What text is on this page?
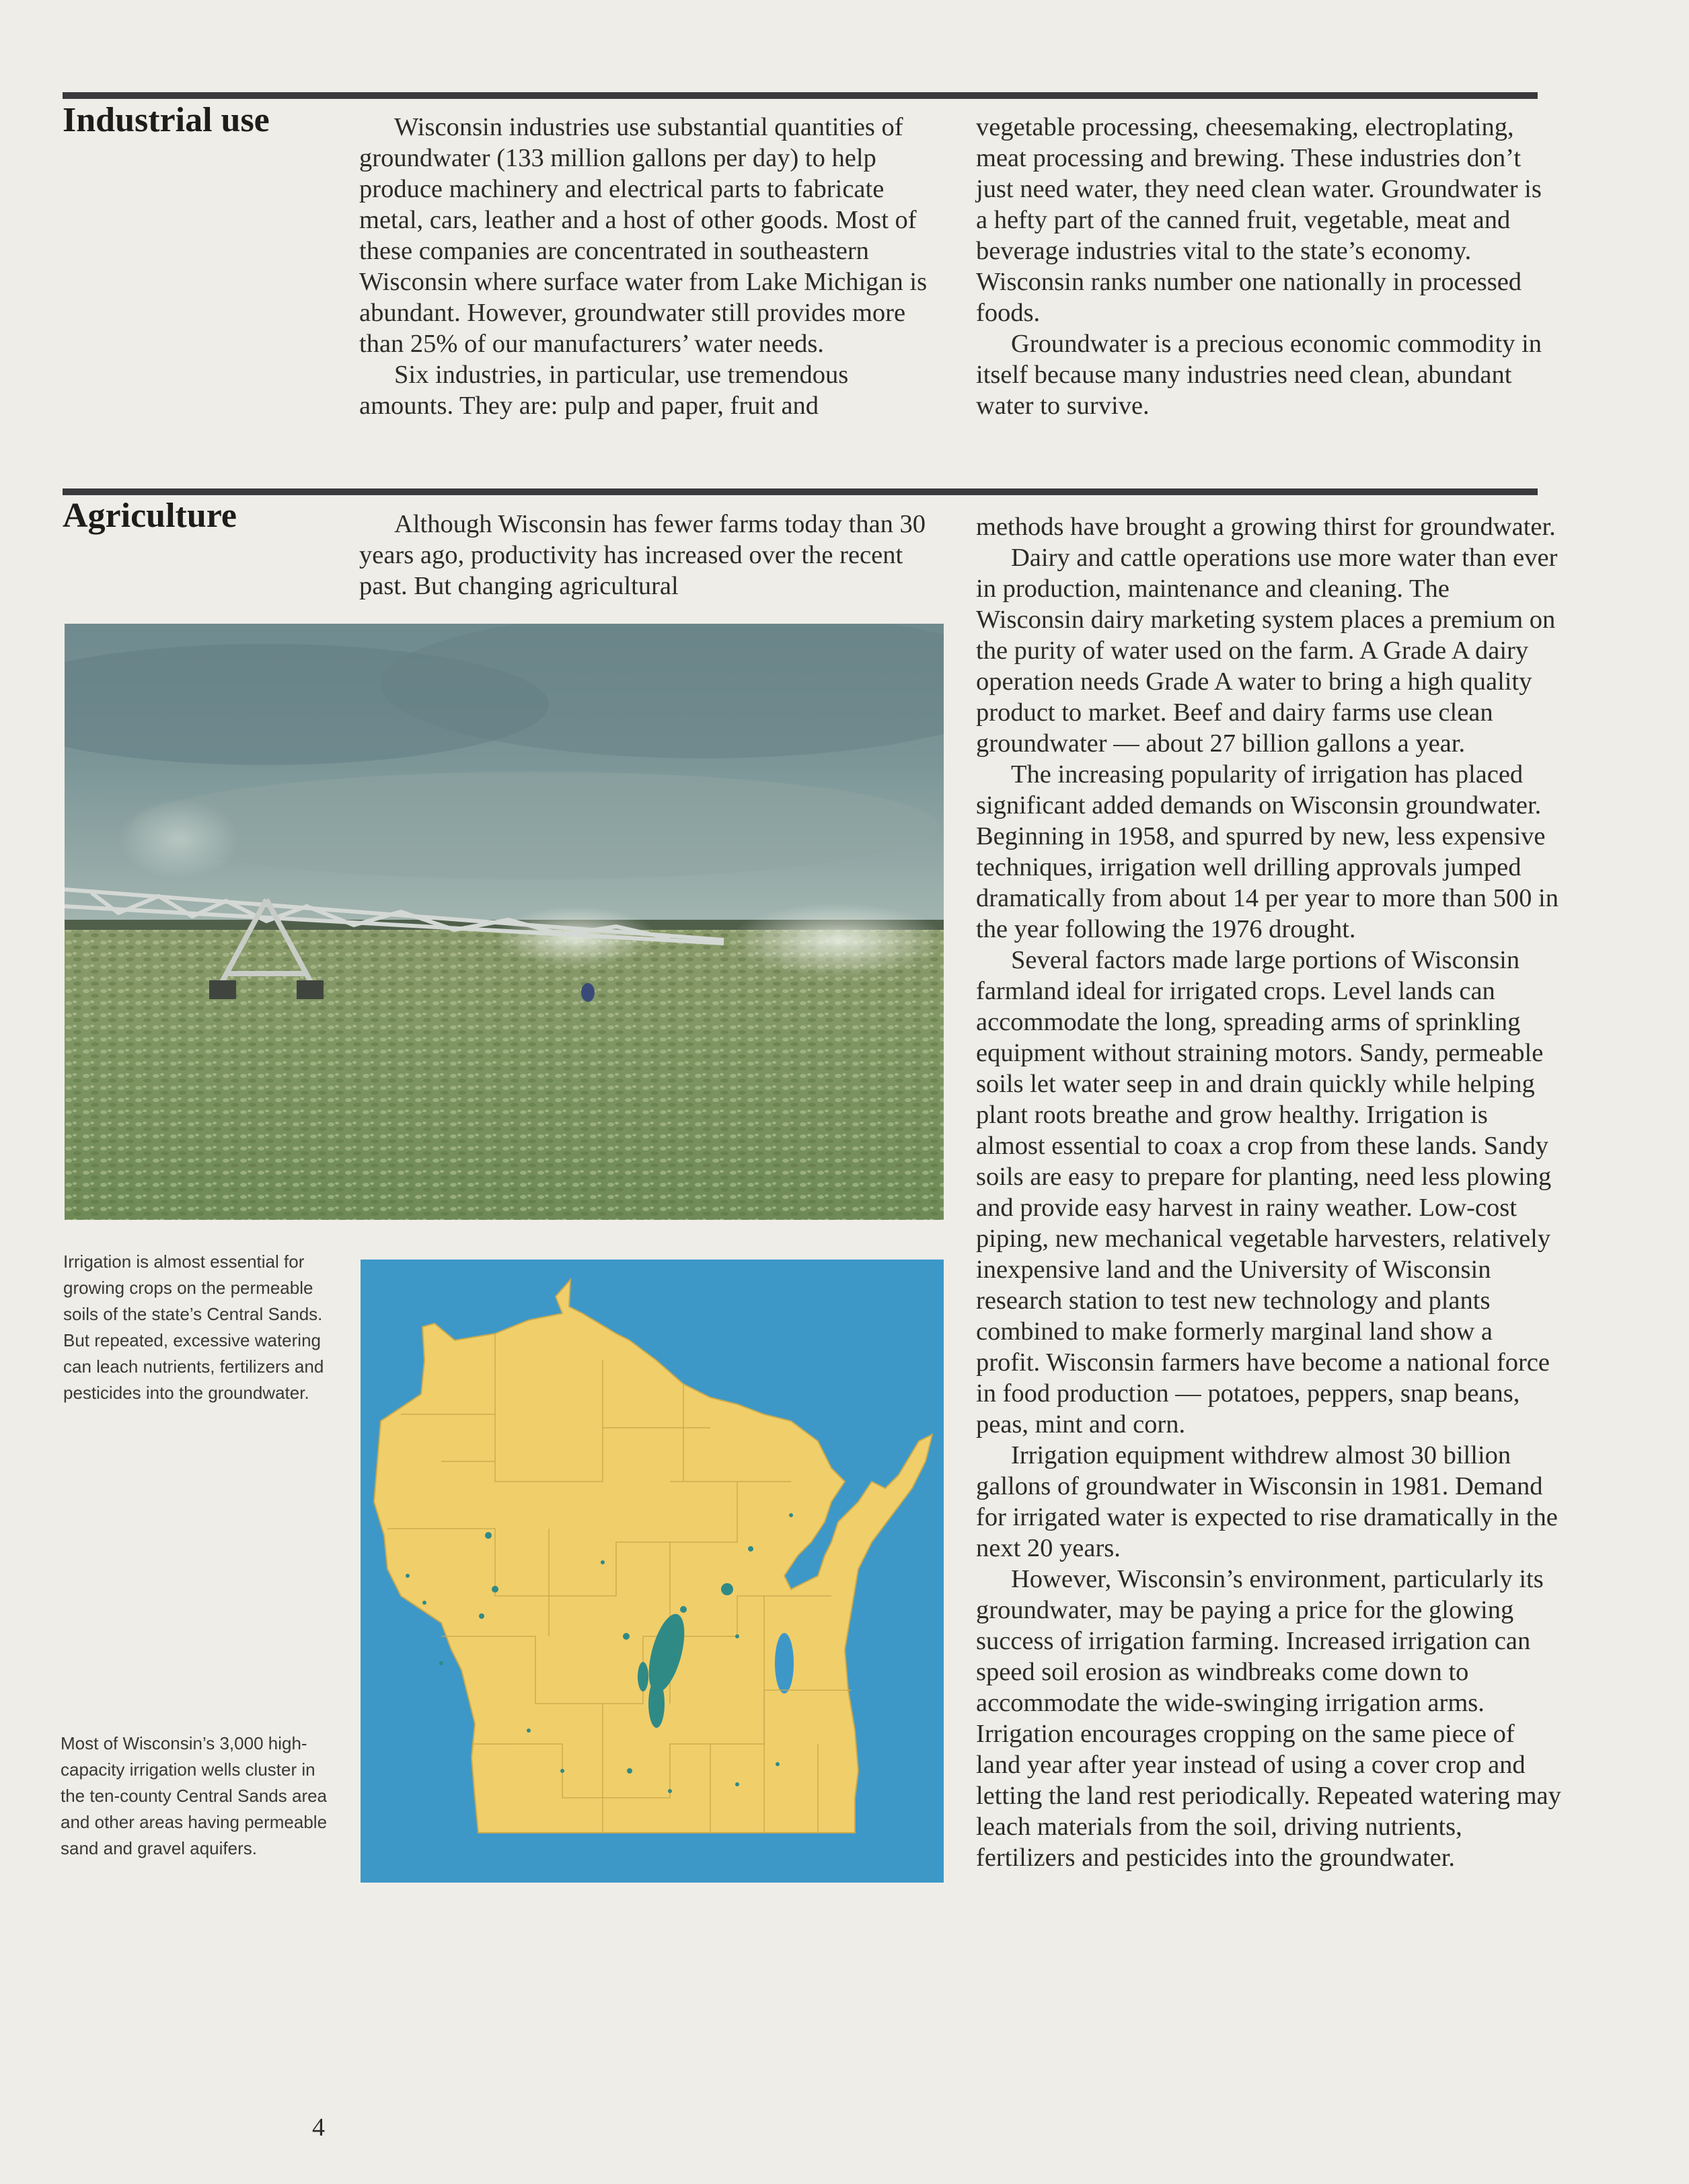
Industrial use	Wisconsin industries use substantial quantities of groundwater (133 million gallons per day) to help produce machinery and electrical parts to fabricate metal, cars, leather and a host of other goods. Most of these companies are concentrated in southeastern Wisconsin where surface water from Lake Michigan is abundant. However, groundwater still provides more than 25% of our manufacturers’ water needs.

Six industries, in particular, use tremendous amounts. They are: pulp and paper, fruit and

vegetable processing, cheesemaking, electroplating, meat processing and brewing. These industries don’t just need water, they need clean water. Groundwater is a hefty part of the canned fruit, vegetable, meat and beverage industries vital to the state’s economy. Wisconsin ranks number one nationally in processed foods.

Groundwater is a precious economic commodity in itself because many industries need clean, abundant water to survive.

Agriculture	Although Wisconsin has fewer farms today than 30 years ago, productivity has increased over the recent past. But changing agricultural

Irrigation is almost essential for growing crops on the permeable soils of the state’s Central Sands. But repeated, excessive watering can leach nutrients, fertilizers and pesticides into the groundwater.

Most of Wisconsin’s 3,000 high-capacity irrigation wells cluster in the ten-county Central Sands area and other areas having permeable sand and gravel aquifers.

methods have brought a growing thirst for groundwater.

Dairy and cattle operations use more water than ever in production, maintenance and cleaning. The Wisconsin dairy marketing system places a premium on the purity of water used on the farm. A Grade A dairy operation needs Grade A water to bring a high quality product to market. Beef and dairy farms use clean groundwater — about 27 billion gallons a year.

The increasing popularity of irrigation has placed significant added demands on Wisconsin groundwater. Beginning in 1958, and spurred by new, less expensive techniques, irrigation well drilling approvals jumped dramatically from about 14 per year to more than 500 in the year following the 1976 drought.

Several factors made large portions of Wisconsin farmland ideal for irrigated crops. Level lands can accommodate the long, spreading arms of sprinkling equipment without straining motors. Sandy, permeable soils let water seep in and drain quickly while helping plant roots breathe and grow healthy. Irrigation is almost essential to coax a crop from these lands. Sandy soils are easy to prepare for planting, need less plowing and provide easy harvest in rainy weather. Low-cost piping, new mechanical vegetable harvesters, relatively inexpensive land and the University of Wisconsin research station to test new technology and plants combined to make formerly marginal land show a profit. Wisconsin farmers have become a national force in food production — potatoes, peppers, snap beans, peas, mint and corn.

Irrigation equipment withdrew almost 30 billion gallons of groundwater in Wisconsin in 1981. Demand for irrigated water is expected to rise dramatically in the next 20 years.

However, Wisconsin’s environment, particularly its groundwater, may be paying a price for the glowing success of irrigation farming. Increased irrigation can speed soil erosion as windbreaks come down to accommodate the wide-swinging irrigation arms. Irrigation encourages cropping on the same piece of land year after year instead of using a cover crop and letting the land rest periodically. Repeated watering may leach materials from the soil, driving nutrients, fertilizers and pesticides into the groundwater.

4
